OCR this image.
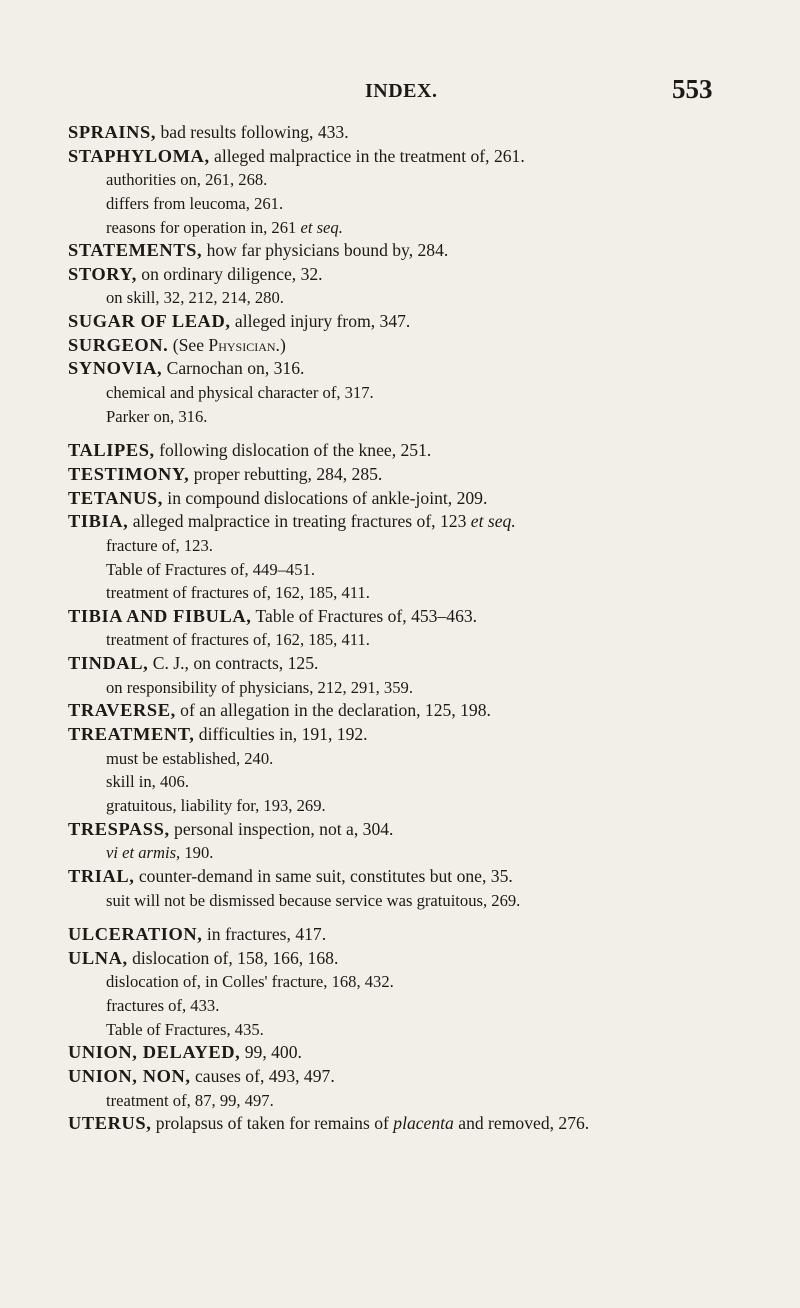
INDEX.	553
SPRAINS, bad results following, 433.
STAPHYLOMA, alleged malpractice in the treatment of, 261.
authorities on, 261, 268.
differs from leucoma, 261.
reasons for operation in, 261 et seq.
STATEMENTS, how far physicians bound by, 284.
STORY, on ordinary diligence, 32.
on skill, 32, 212, 214, 280.
SUGAR OF LEAD, alleged injury from, 347.
SURGEON. (See Physician.)
SYNOVIA, Carnochan on, 316.
chemical and physical character of, 317.
Parker on, 316.
TALIPES, following dislocation of the knee, 251.
TESTIMONY, proper rebutting, 284, 285.
TETANUS, in compound dislocations of ankle-joint, 209.
TIBIA, alleged malpractice in treating fractures of, 123 et seq.
fracture of, 123.
Table of Fractures of, 449–451.
treatment of fractures of, 162, 185, 411.
TIBIA AND FIBULA, Table of Fractures of, 453–463.
treatment of fractures of, 162, 185, 411.
TINDAL, C. J., on contracts, 125.
on responsibility of physicians, 212, 291, 359.
TRAVERSE, of an allegation in the declaration, 125, 198.
TREATMENT, difficulties in, 191, 192.
must be established, 240.
skill in, 406.
gratuitous, liability for, 193, 269.
TRESPASS, personal inspection, not a, 304.
vi et armis, 190.
TRIAL, counter-demand in same suit, constitutes but one, 35.
suit will not be dismissed because service was gratuitous, 269.
ULCERATION, in fractures, 417.
ULNA, dislocation of, 158, 166, 168.
dislocation of, in Colles' fracture, 168, 432.
fractures of, 433.
Table of Fractures, 435.
UNION, DELAYED, 99, 400.
UNION, NON, causes of, 493, 497.
treatment of, 87, 99, 497.
UTERUS, prolapsus of taken for remains of placenta and removed, 276.
